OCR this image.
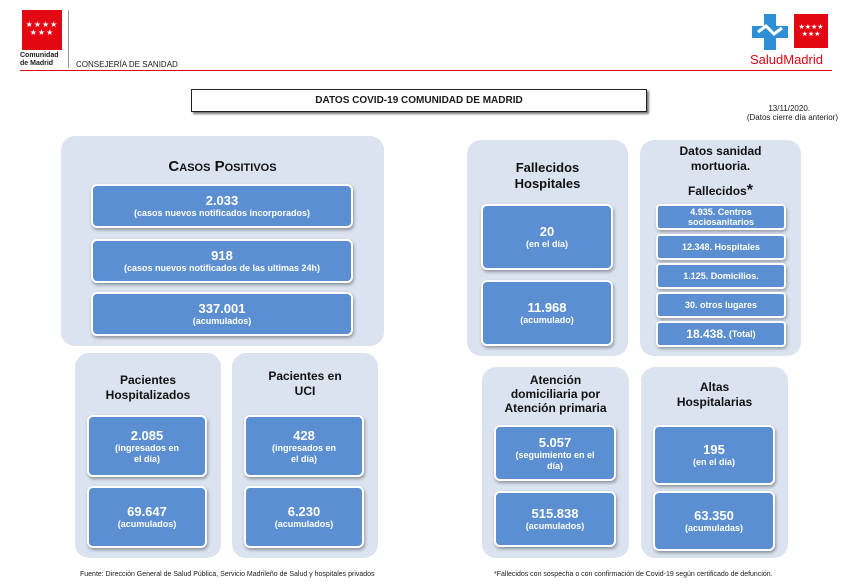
★★★★
★★★
Comunidad
de Madrid	CONSEJERÍA DE SANIDAD
★★★★
★★★
SaludMadrid
DATOS COVID-19 COMUNIDAD DE MADRID
13/11/2020.
(Datos cierre día anterior)
Casos Positivos
2.033
(casos nuevos notificados incorporados)
918
(casos nuevos notificados de las ultimas 24h)
337.001
(acumulados)
Pacientes
Hospitalizados
2.085
(ingresados en
el día)
69.647
(acumulados)
Pacientes en
UCI
428
(ingresados en
el día)
6.230
(acumulados)
Fallecidos
Hospitales
20
(en el día)
11.968
(acumulado)
Datos sanidad
mortuoria.
Fallecidos*
4.935. Centros sociosanitarios
12.348. Hospitales
1.125. Domicilios.
30. otros lugares
18.438.
(Total)
Atención
domiciliaria por
Atención primaria
5.057
(seguimiento en el
día)
515.838
(acumulados)
Altas
Hospitalarias
195
(en el día)
63.350
(acumuladas)
Fuente: Dirección General de Salud Pública, Servicio Madrileño de Salud y hospitales privados	*Fallecidos con sospecha o con confirmación de Covid-19 según certificado de defunción.
